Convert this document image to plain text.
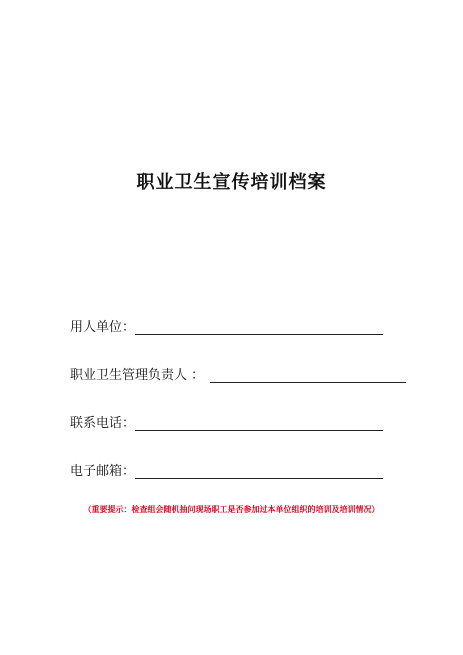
职业卫生宣传培训档案
用人单位：
职业卫生管理负责人 ：
联系电话：
电子邮箱：
（重要提示：检查组会随机抽问现场职工是否参加过本单位组织的培训及培训情况）
